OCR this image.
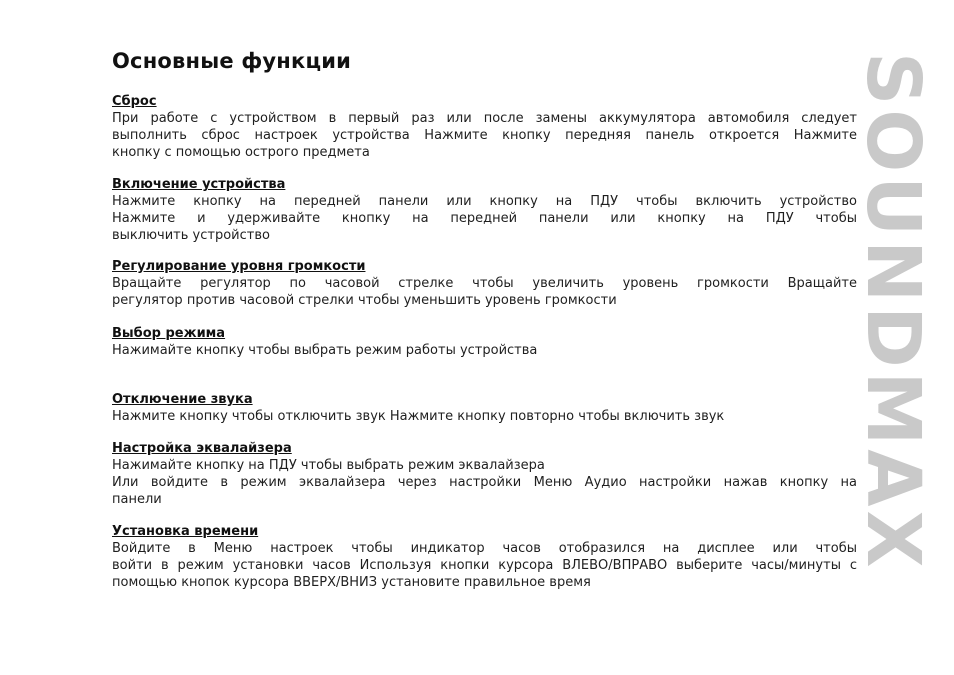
Основные функции
Сброс
При работе с устройством в первый раз или после замены аккумулятора автомобиля следует
выполнить сброс настроек устройства Нажмите кнопку передняя панель откроется Нажмите
кнопку с помощью острого предмета
Включение устройства
Нажмите кнопку на передней панели или кнопку на ПДУ чтобы включить устройство
Нажмите и удерживайте кнопку на передней панели или кнопку на ПДУ чтобы
выключить устройство
Регулирование уровня громкости
Вращайте регулятор по часовой стрелке чтобы увеличить уровень громкости Вращайте
регулятор против часовой стрелки чтобы уменьшить уровень громкости
Выбор режима
Нажимайте кнопку чтобы выбрать режим работы устройства
Отключение звука
Нажмите кнопку чтобы отключить звук Нажмите кнопку повторно чтобы включить звук
Настройка эквалайзера
Нажимайте кнопку на ПДУ чтобы выбрать режим эквалайзера
Или войдите в режим эквалайзера через настройки Меню Аудио настройки нажав кнопку на
панели
Установка времени
Войдите в Меню настроек чтобы индикатор часов отобразился на дисплее или чтобы
войти в режим установки часов Используя кнопки курсора ВЛЕВО/ВПРАВО выберите часы/минуты с
помощью кнопок курсора ВВЕРХ/ВНИЗ установите правильное время
SOUNDMAX
